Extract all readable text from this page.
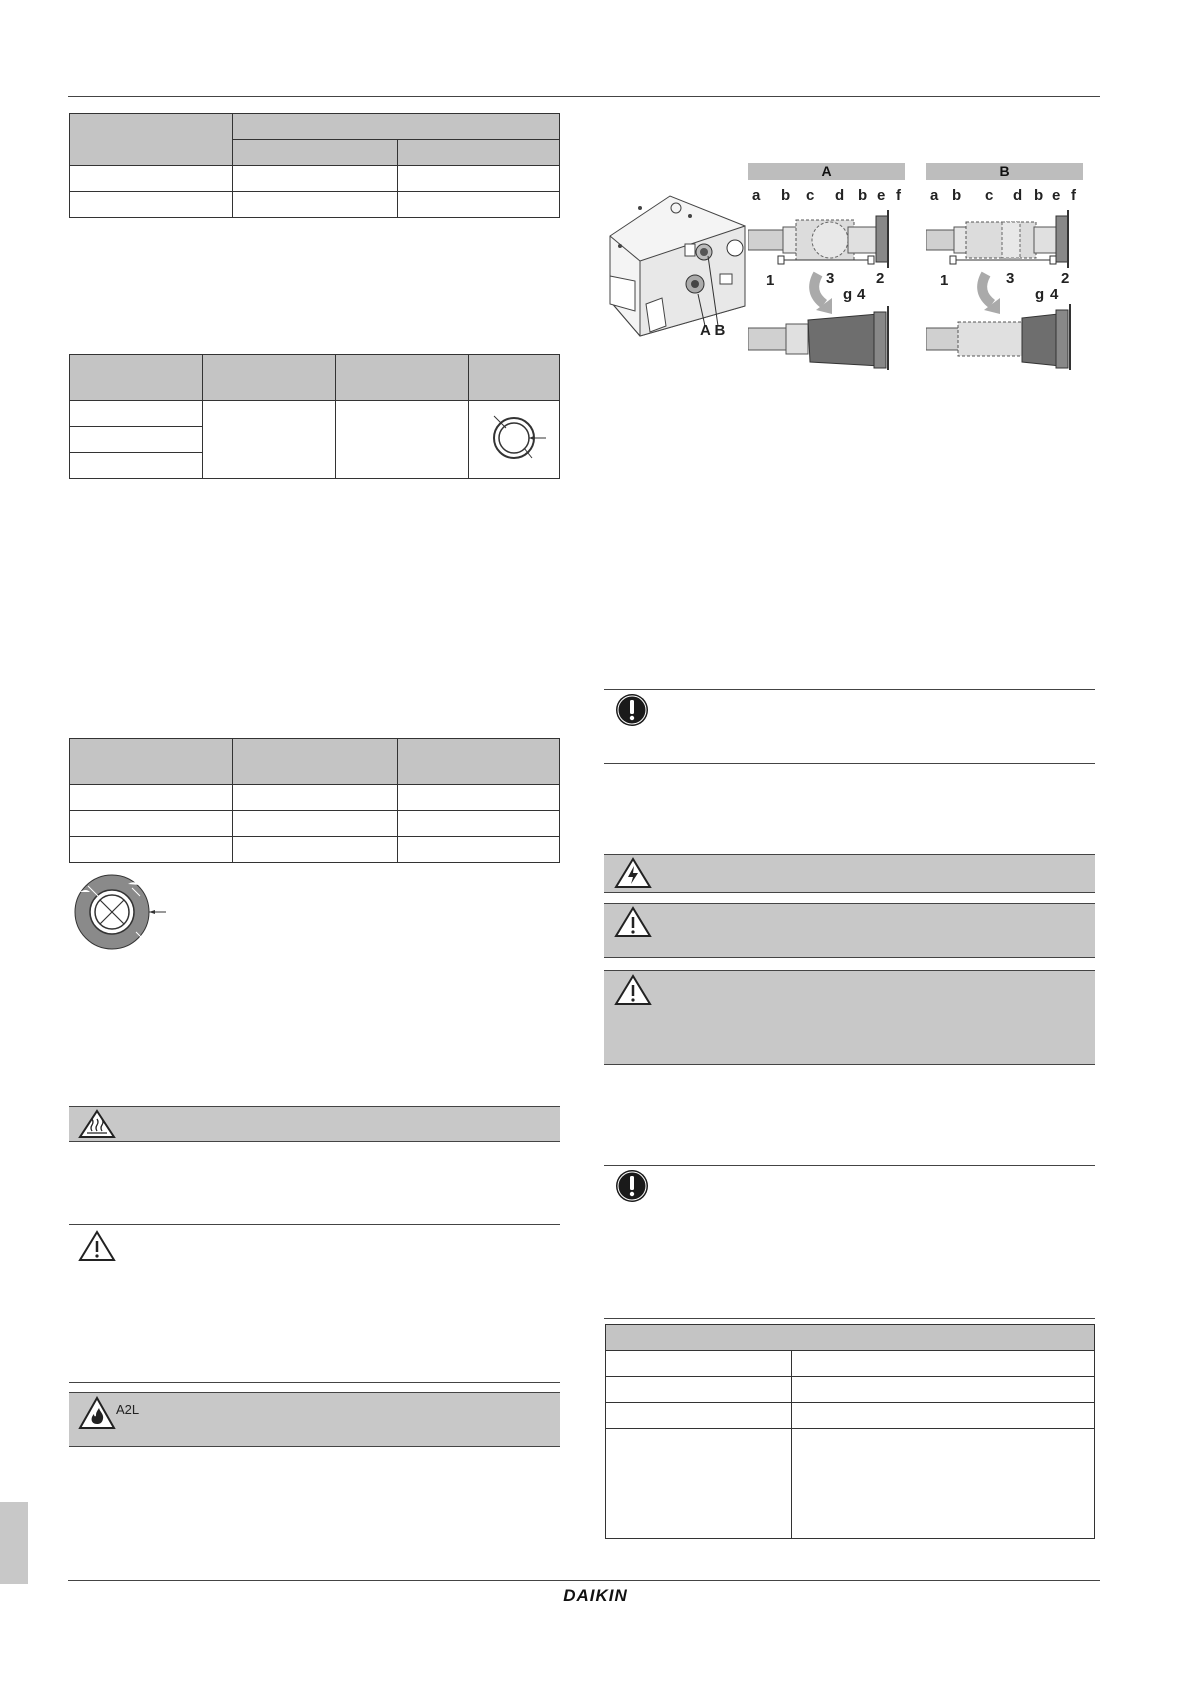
A2L
A B
A
a b c d b e f
1	3	2
g 4
B
a b c d b e f
1	3	2
g 4

DAIKIN
